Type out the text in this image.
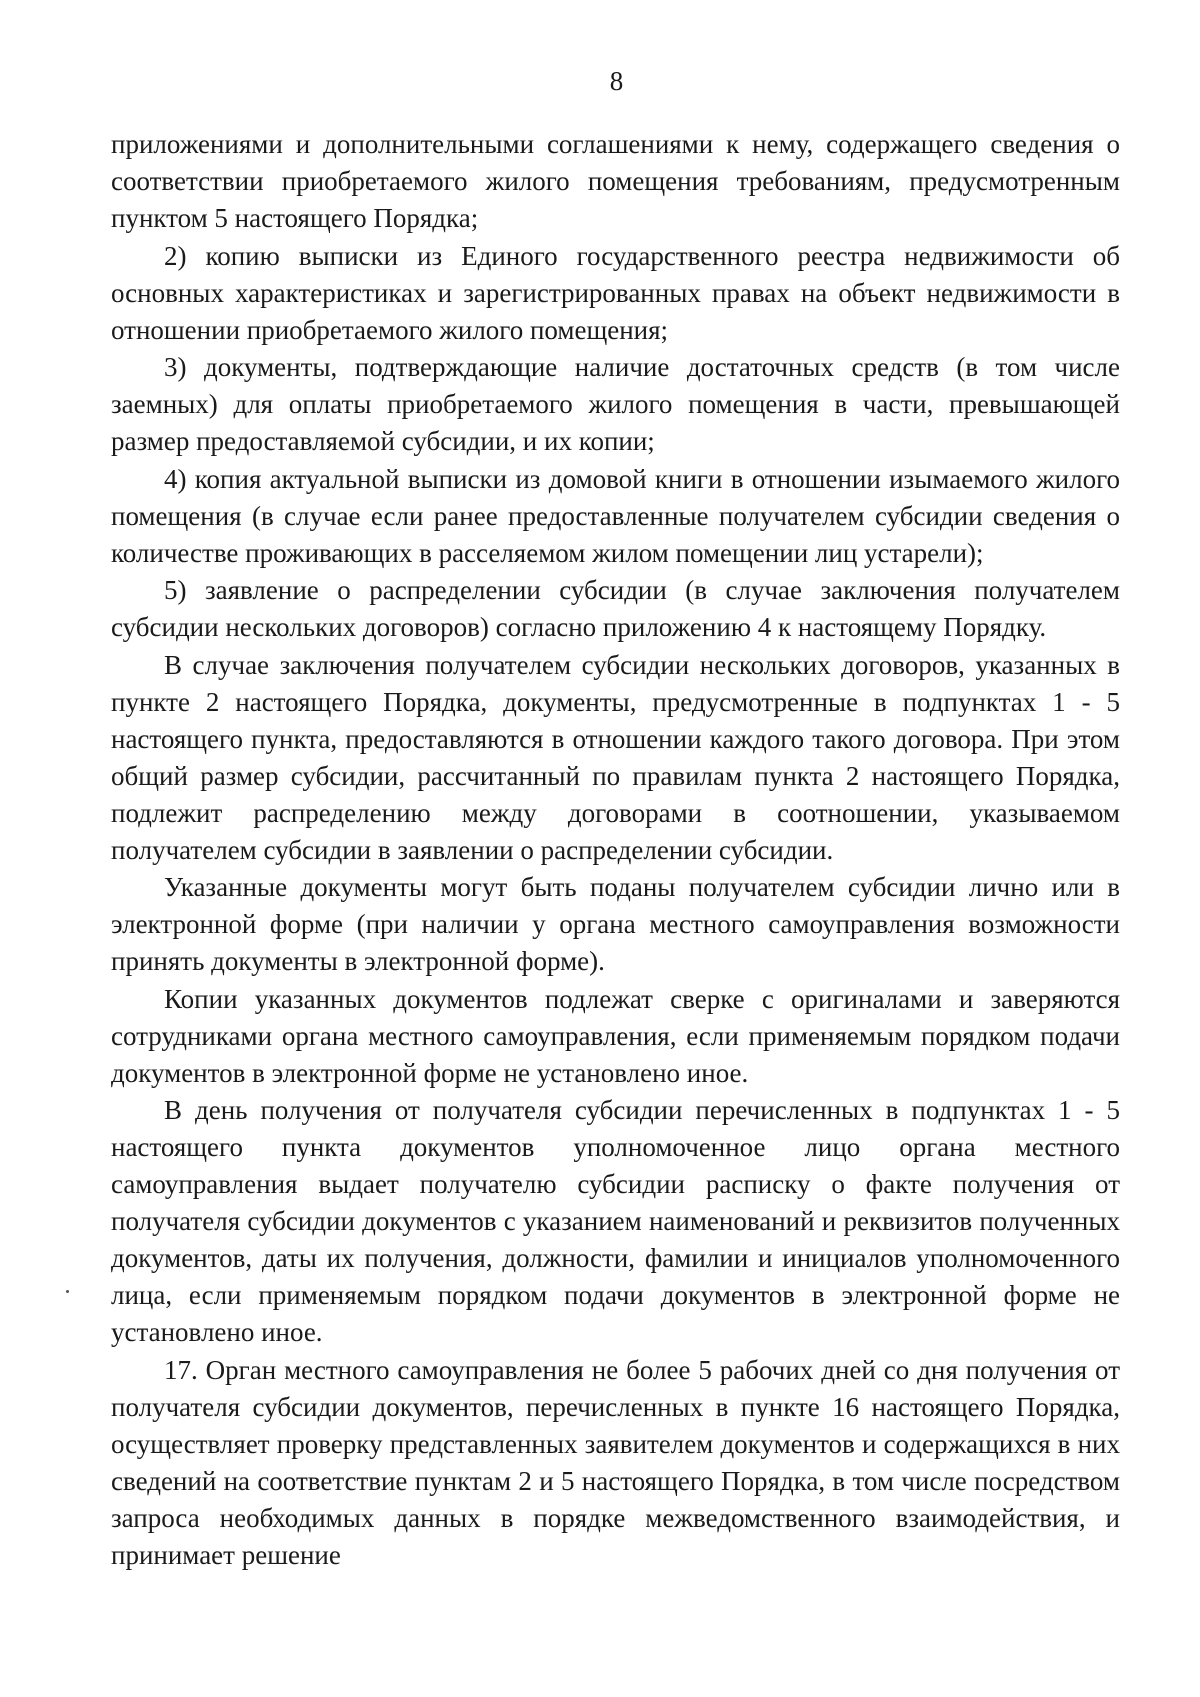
8

приложениями и дополнительными соглашениями к нему, содержащего сведения о соответствии приобретаемого жилого помещения требованиям, предусмотренным пунктом 5 настоящего Порядка;

2) копию выписки из Единого государственного реестра недвижимости об основных характеристиках и зарегистрированных правах на объект недвижимости в отношении приобретаемого жилого помещения;

3) документы, подтверждающие наличие достаточных средств (в том числе заемных) для оплаты приобретаемого жилого помещения в части, превышающей размер предоставляемой субсидии, и их копии;

4) копия актуальной выписки из домовой книги в отношении изымаемого жилого помещения (в случае если ранее предоставленные получателем субсидии сведения о количестве проживающих в расселяемом жилом помещении лиц устарели);

5) заявление о распределении субсидии (в случае заключения получателем субсидии нескольких договоров) согласно приложению 4 к настоящему Порядку.

В случае заключения получателем субсидии нескольких договоров, указанных в пункте 2 настоящего Порядка, документы, предусмотренные в подпунктах 1 - 5 настоящего пункта, предоставляются в отношении каждого такого договора. При этом общий размер субсидии, рассчитанный по правилам пункта 2 настоящего Порядка, подлежит распределению между договорами в соотношении, указываемом получателем субсидии в заявлении о распределении субсидии.

Указанные документы могут быть поданы получателем субсидии лично или в электронной форме (при наличии у органа местного самоуправления возможности принять документы в электронной форме).

Копии указанных документов подлежат сверке с оригиналами и заверяются сотрудниками органа местного самоуправления, если применяемым порядком подачи документов в электронной форме не установлено иное.

В день получения от получателя субсидии перечисленных в подпунктах 1 - 5 настоящего пункта документов уполномоченное лицо органа местного самоуправления выдает получателю субсидии расписку о факте получения от получателя субсидии документов с указанием наименований и реквизитов полученных документов, даты их получения, должности, фамилии и инициалов уполномоченного лица, если применяемым порядком подачи документов в электронной форме не установлено иное.

17. Орган местного самоуправления не более 5 рабочих дней со дня получения от получателя субсидии документов, перечисленных в пункте 16 настоящего Порядка, осуществляет проверку представленных заявителем документов и содержащихся в них сведений на соответствие пунктам 2 и 5 настоящего Порядка, в том числе посредством запроса необходимых данных в порядке межведомственного взаимодействия, и принимает решение
